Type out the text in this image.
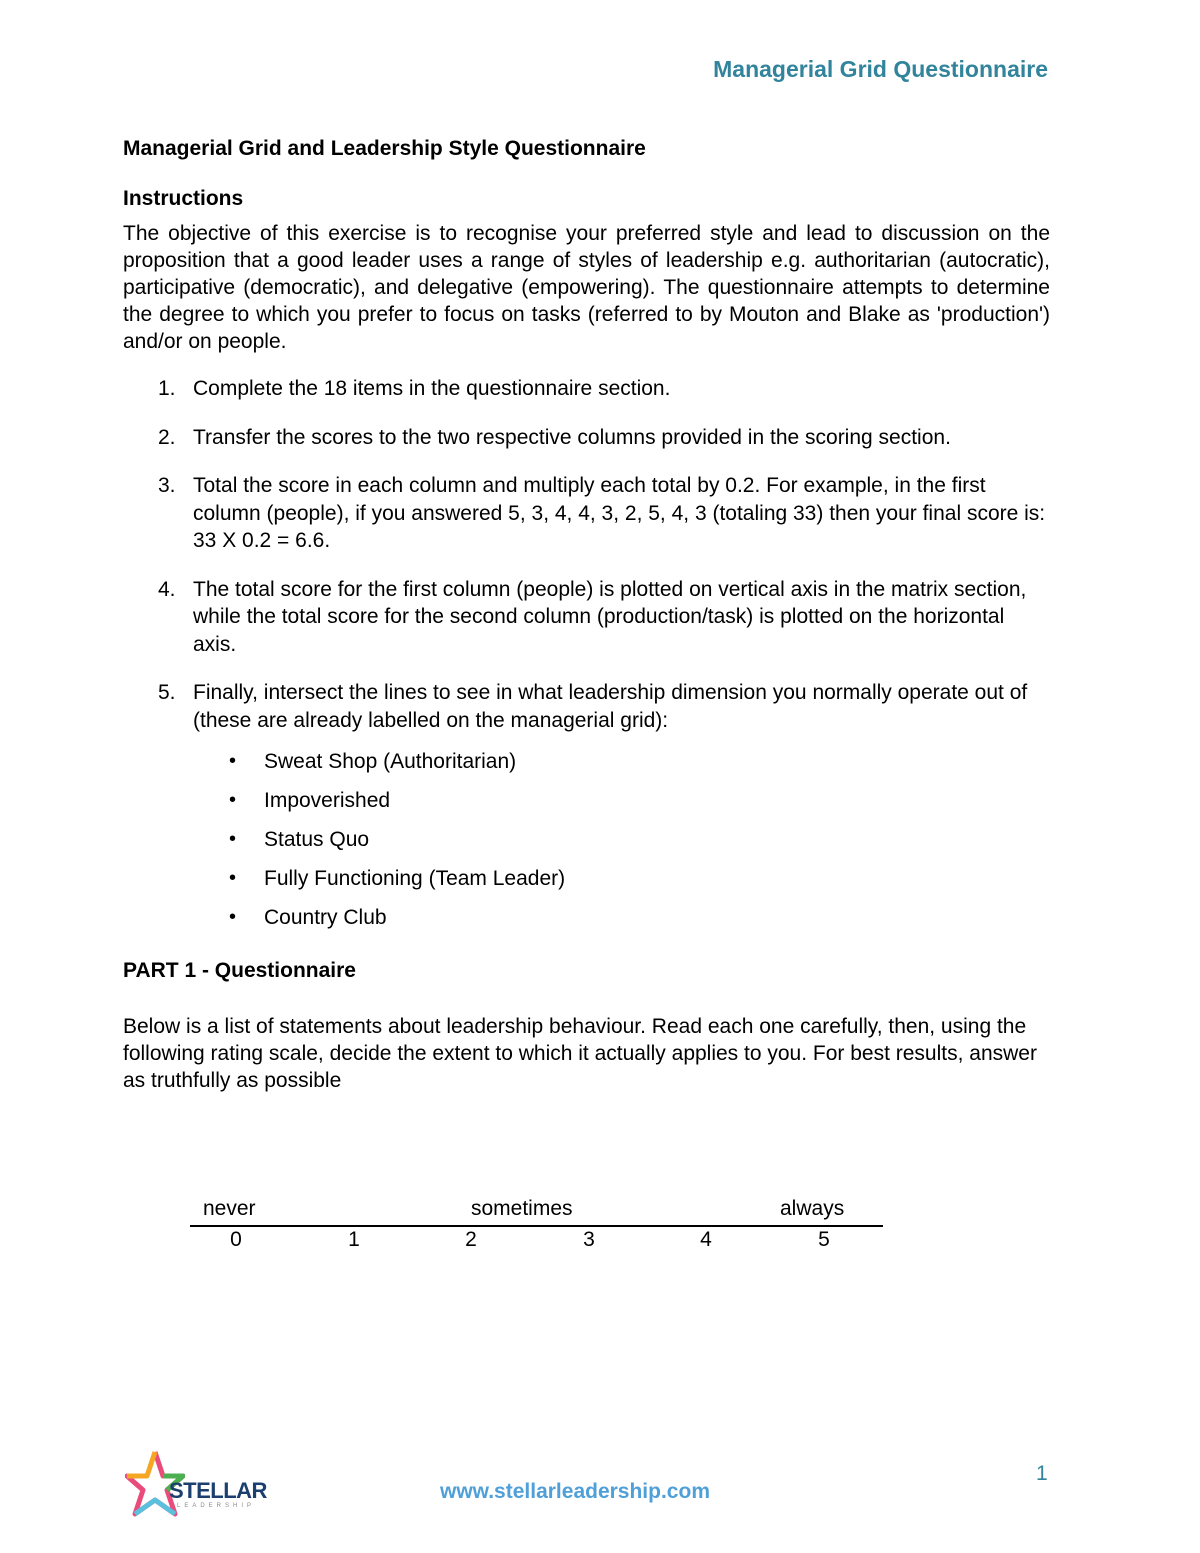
Managerial Grid Questionnaire
Managerial Grid and Leadership Style Questionnaire
Instructions

The objective of this exercise is to recognise your preferred style and lead to discussion on the proposition that a good leader uses a range of styles of leadership e.g. authoritarian (autocratic), participative (democratic), and delegative (empowering). The questionnaire attempts to determine the degree to which you prefer to focus on tasks (referred to by Mouton and Blake as 'production') and/or on people.

1. Complete the 18 items in the questionnaire section.
2. Transfer the scores to the two respective columns provided in the scoring section.
3. Total the score in each column and multiply each total by 0.2. For example, in the first column (people), if you answered 5, 3, 4, 4, 3, 2, 5, 4, 3 (totaling 33) then your final score is: 33 X 0.2 = 6.6.
4. The total score for the first column (people) is plotted on vertical axis in the matrix section, while the total score for the second column (production/task) is plotted on the horizontal axis.
5. Finally, intersect the lines to see in what leadership dimension you normally operate out of (these are already labelled on the managerial grid):
• Sweat Shop (Authoritarian)
• Impoverished
• Status Quo
• Fully Functioning (Team Leader)
• Country Club
PART 1 - Questionnaire

Below is a list of statements about leadership behaviour. Read each one carefully, then, using the following rating scale, decide the extent to which it actually applies to you. For best results, answer as truthfully as possible

never	sometimes	always
0	1	2	3	4	5
STELLAR
LEADERSHIP
www.stellarleadership.com
1
